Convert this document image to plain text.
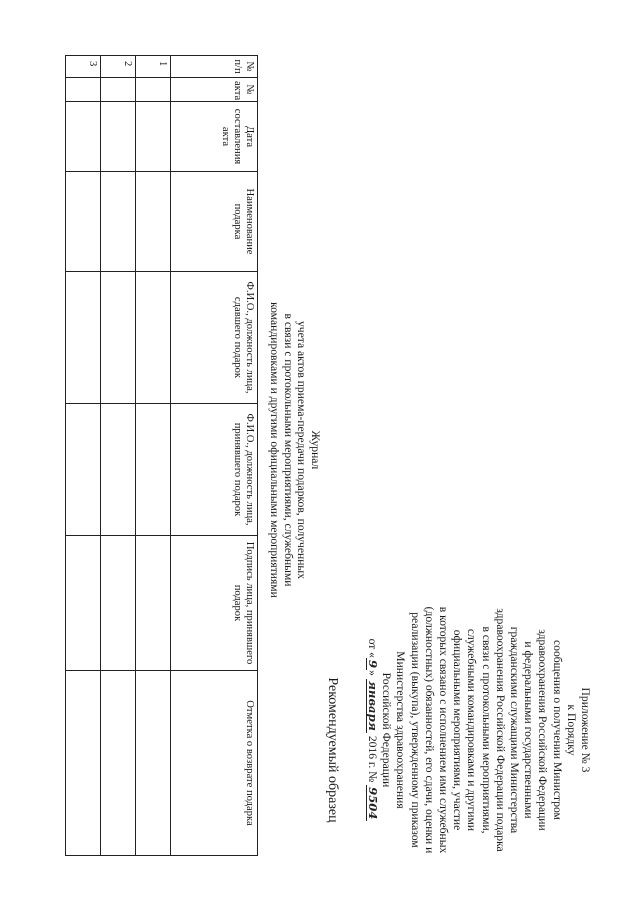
Приложение № 3
к Порядку
сообщения о получении Министром
здравоохранения Российской Федерации
и федеральными государственными
гражданскими служащими Министерства
здравоохранения Российской Федерации подарка
в связи с протокольными мероприятиями,
служебными командировками и другими
официальными мероприятиями, участие
в которых связано с исполнением ими служебных
(должностных) обязанностей, его сдачи, оценки и
реализации (выкупа), утвержденному приказом
Министерства здравоохранения
Российской Федерации
от «9» января 2016 г. № 9504
Рекомендуемый образец
Журнал
учета актов приема-передачи подарков, полученных
в связи с протокольными мероприятиями, служебными
командировками и другими официальными мероприятиями
№ п/п	№ акта	Дата составления акта	Наименование подарка	Ф.И.О., должность лица, сдавшего подарок	Ф.И.О., должность лица, принявшего подарок	Подпись лица, принявшего подарок	Отметка о возврате подарка
1							
2							
3							
